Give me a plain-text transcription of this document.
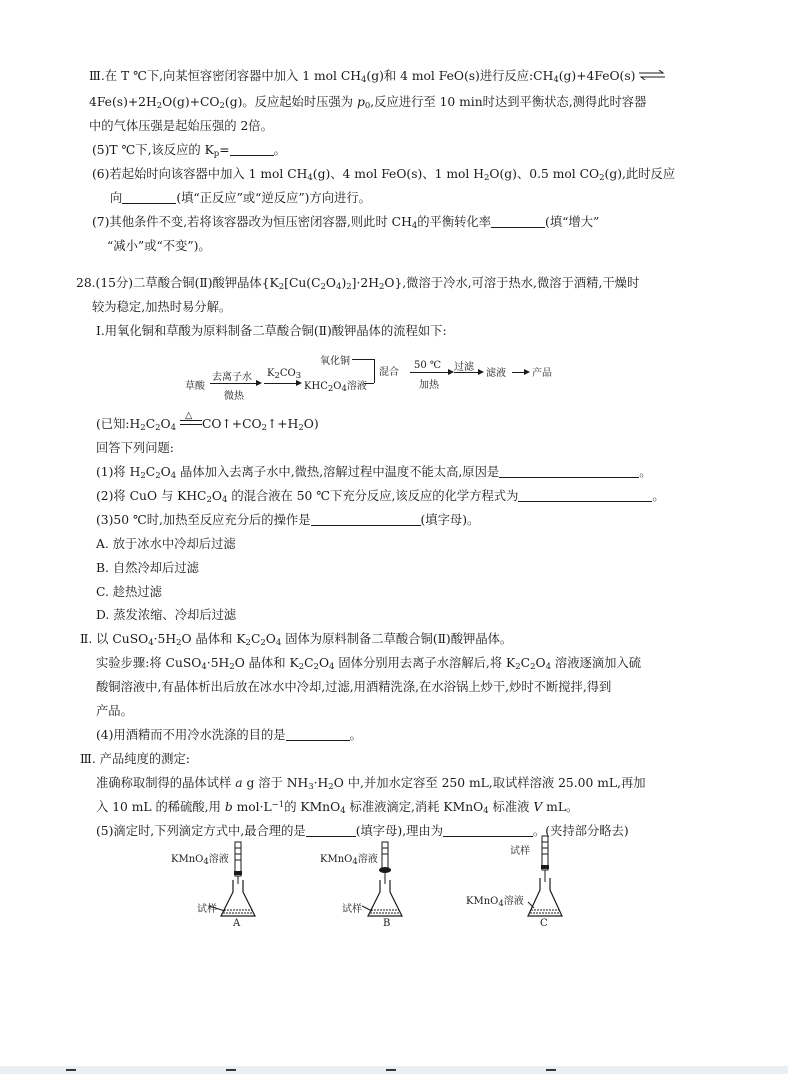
Ⅲ.在 T ℃下,向某恒容密闭容器中加入 1 mol $CH_4(g)$和 4 mol FeO(s)进行反应$:CH_4(g)+4FeO(s)$ ⇌
$4Fe(s)+2H_2O(g)+CO_2(g)$。反应起始时压强为 $p_0$,反应进行至 10 min时达到平衡状态,测得此时容器
中的气体压强是起始压强的 2倍。
(5)T ℃下,该反应的 $K_p=$	。
(6)若起始时向该容器中加入 1 mol $CH_4(g)$、4 mol FeO(s)、1 mol $H_2O(g)$、0.5 mol $CO_2(g)$,此时反应
向	(填“正反应”或“逆反应”)方向进行。
(7)其他条件不变,若将该容器改为恒压密闭容器,则此时 $CH_4$的平衡转化率	(填“增大”
“减小”或“不变”)。
28.(15分)二草酸合铜(Ⅱ)酸钾晶体$\{K_2[Cu(C_2O_4)_2]\cdot 2H_2O\}$,微溶于冷水,可溶于热水,微溶于酒精,干燥时
较为稳定,加热时易分解。
Ⅰ.用氧化铜和草酸为原料制备二草酸合铜(Ⅱ)酸钾晶体的流程如下:
草酸
去离子水
微热
$K_2CO_3$
$KHC_2O_4$溶液
氧化铜
混合
50 ℃
加热
过滤
滤液	产品
(已知$:H_2C_2O_4$
△
$CO↑+CO_2↑+H_2O$)
回答下列问题:
(1)将 $H_2C_2O_4$ 晶体加入去离子水中,微热,溶解过程中温度不能太高,原因是	。
(2)将 CuO 与 $KHC_2O_4$ 的混合液在 50 ℃下充分反应,该反应的化学方程式为	。
(3)50 ℃时,加热至反应充分后的操作是	(填字母)。
A. 放于冰水中冷却后过滤
B. 自然冷却后过滤
C. 趁热过滤
D. 蒸发浓缩、冷却后过滤
Ⅱ. 以 $CuSO_4\cdot 5H_2O$ 晶体和 $K_2C_2O_4$ 固体为原料制备二草酸合铜(Ⅱ)酸钾晶体。
实验步骤:将 $CuSO_4\cdot 5H_2O$ 晶体和 $K_2C_2O_4$ 固体分别用去离子水溶解后,将 $K_2C_2O_4$ 溶液逐滴加入硫
酸铜溶液中,有晶体析出后放在冰水中冷却,过滤,用酒精洗涤,在水浴锅上炒干,炒时不断搅拌,得到
产品。
(4)用酒精而不用冷水洗涤的目的是	。
Ⅲ. 产品纯度的测定:
准确称取制得的晶体试样 a g 溶于 $NH_3\cdot H_2O$ 中,并加水定容至 250 mL,取试样溶液 25.00 mL,再加
入 10 mL 的稀硫酸,用 b $mol\cdot L^{-1}$的 KMnO$_4$ 标准液滴定,消耗 KMnO$_4$ 标准液 V mL。
(5)滴定时,下列滴定方式中,最合理的是	(填字母),理由为	。(夹持部分略去)
KMnO$_4$溶液
试样
A
KMnO$_4$溶液
试样
B
试样
KMnO$_4$溶液
C
